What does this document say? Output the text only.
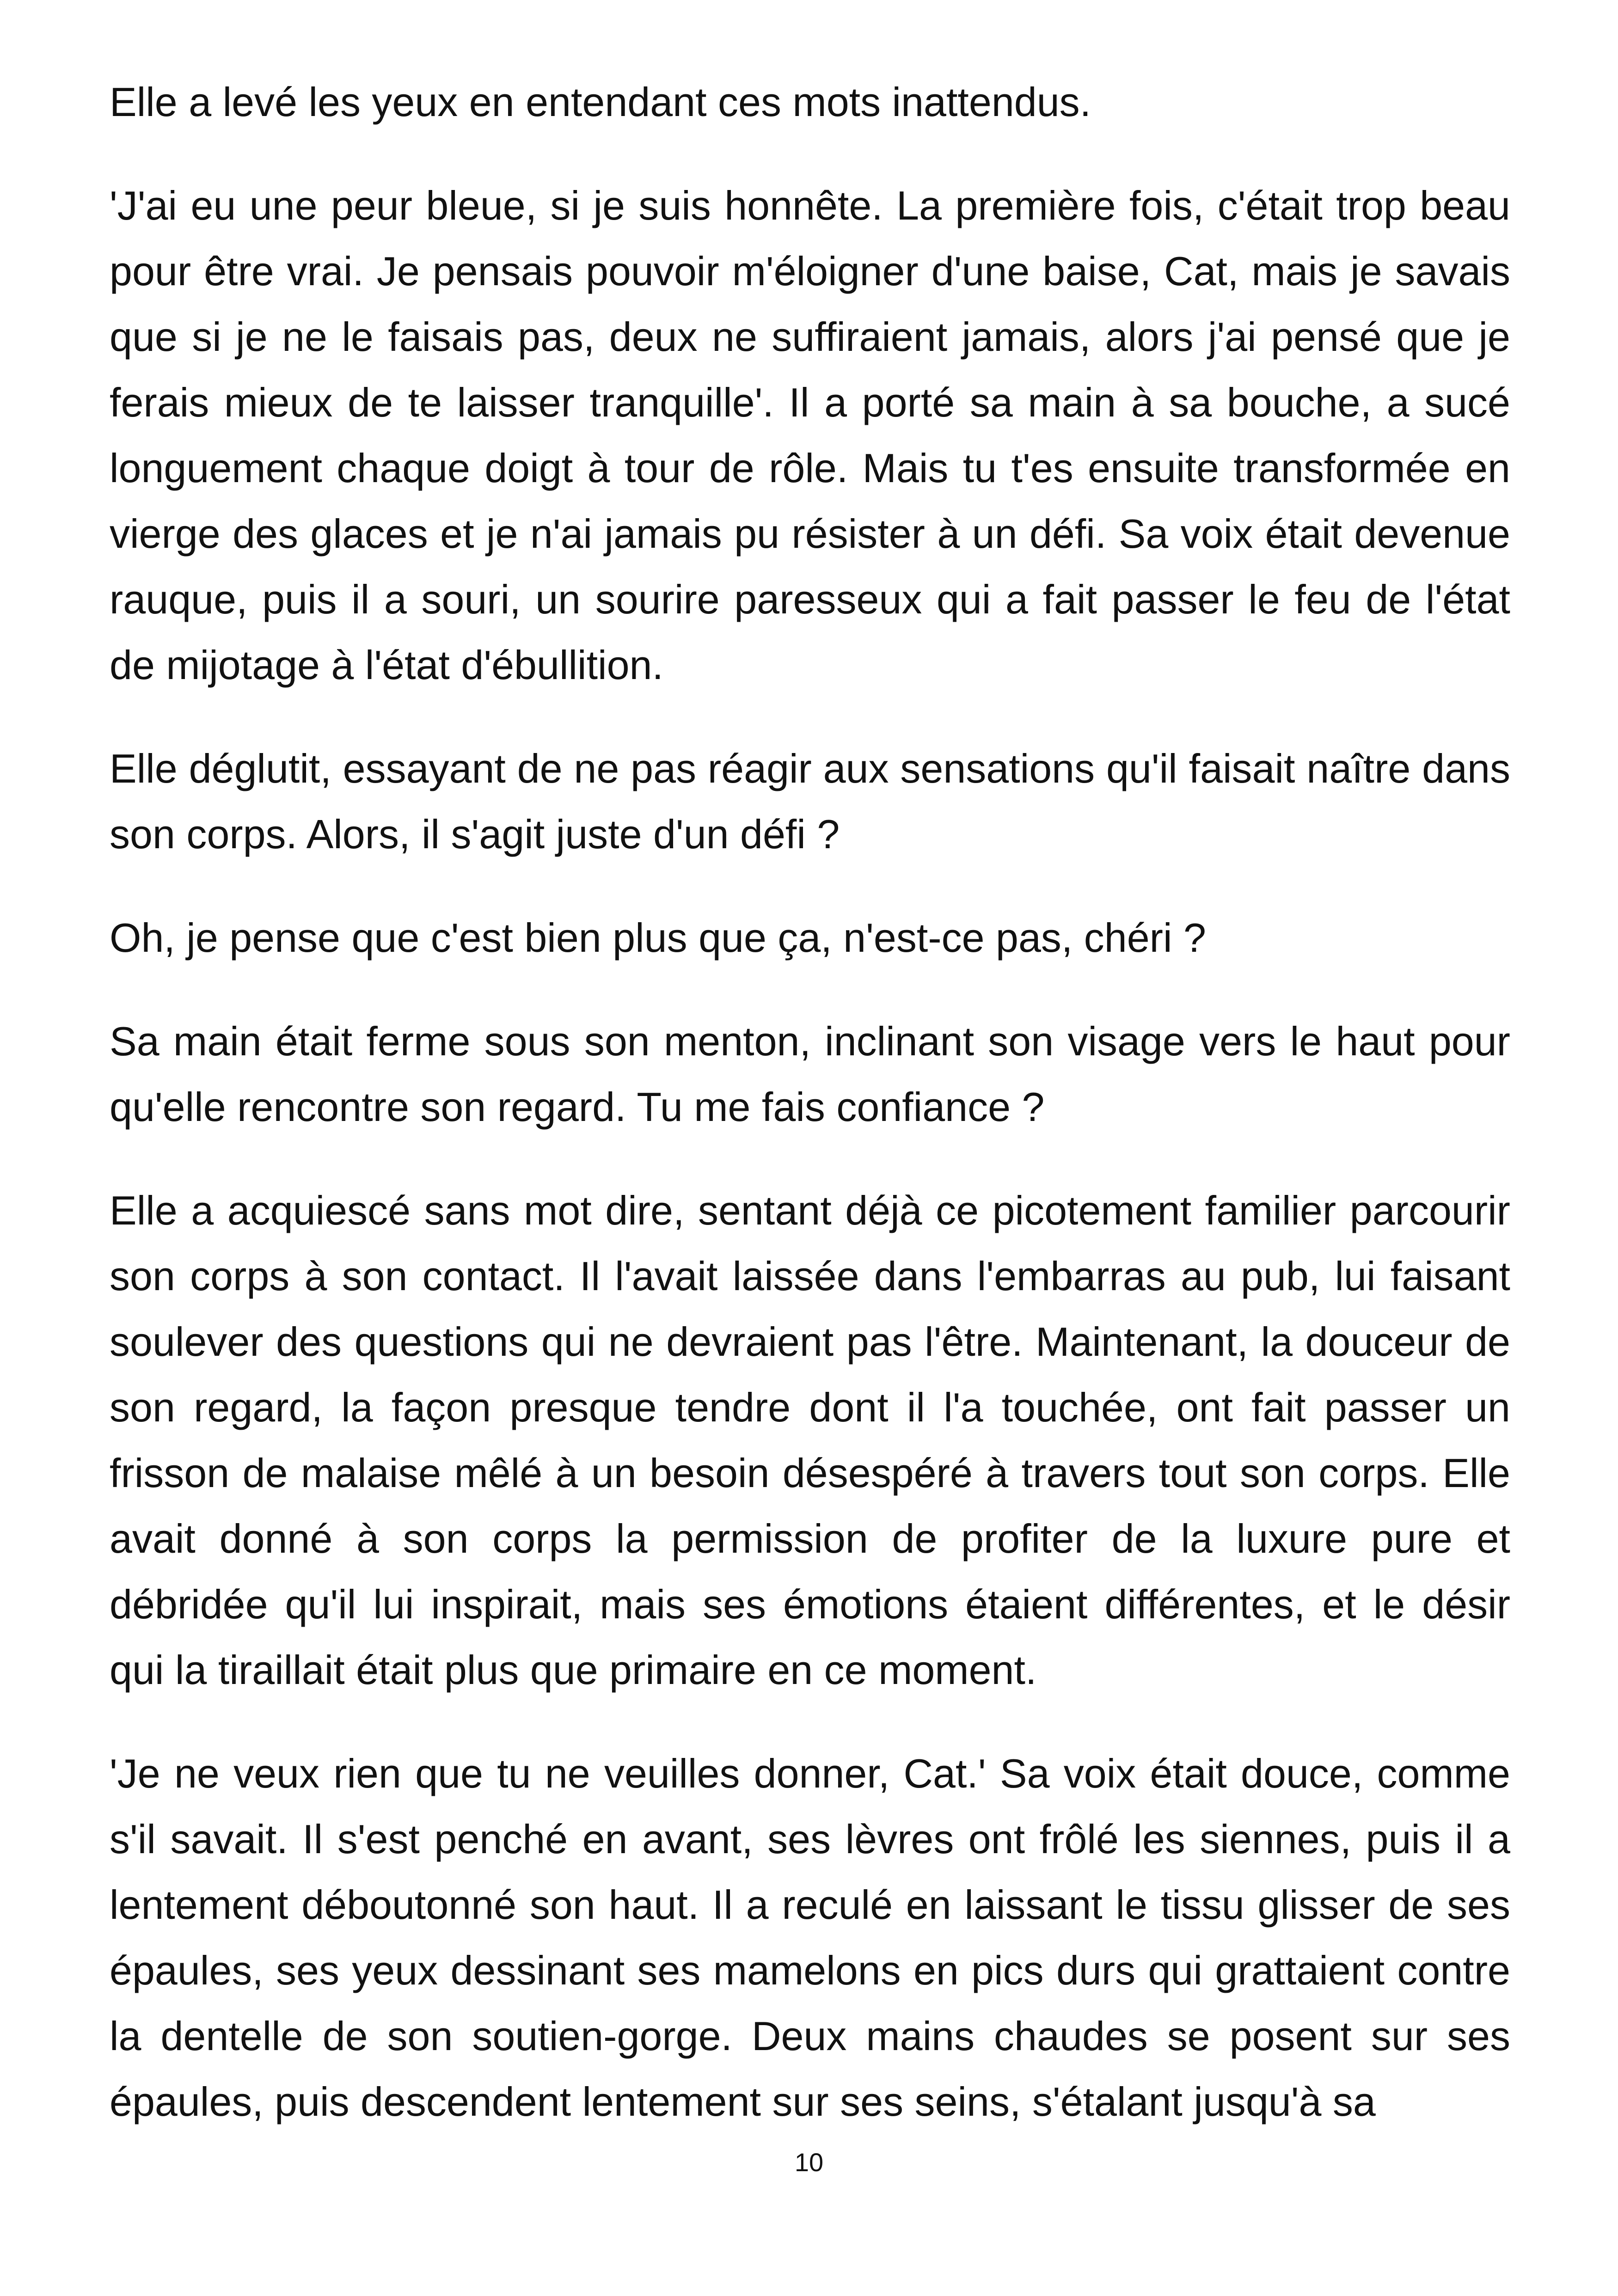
Elle a levé les yeux en entendant ces mots inattendus.

'J'ai eu une peur bleue, si je suis honnête. La première fois, c'était trop beau pour être vrai. Je pensais pouvoir m'éloigner d'une baise, Cat, mais je savais que si je ne le faisais pas, deux ne suffiraient jamais, alors j'ai pensé que je ferais mieux de te laisser tranquille'. Il a porté sa main à sa bouche, a sucé longuement chaque doigt à tour de rôle. Mais tu t'es ensuite transformée en vierge des glaces et je n'ai jamais pu résister à un défi. Sa voix était devenue rauque, puis il a souri, un sourire paresseux qui a fait passer le feu de l'état de mijotage à l'état d'ébullition.

Elle déglutit, essayant de ne pas réagir aux sensations qu'il faisait naître dans son corps. Alors, il s'agit juste d'un défi ?

Oh, je pense que c'est bien plus que ça, n'est-ce pas, chéri ?

Sa main était ferme sous son menton, inclinant son visage vers le haut pour qu'elle rencontre son regard. Tu me fais confiance ?

Elle a acquiescé sans mot dire, sentant déjà ce picotement familier parcourir son corps à son contact. Il l'avait laissée dans l'embarras au pub, lui faisant soulever des questions qui ne devraient pas l'être. Maintenant, la douceur de son regard, la façon presque tendre dont il l'a touchée, ont fait passer un frisson de malaise mêlé à un besoin désespéré à travers tout son corps. Elle avait donné à son corps la permission de profiter de la luxure pure et débridée qu'il lui inspirait, mais ses émotions étaient différentes, et le désir qui la tiraillait était plus que primaire en ce moment.

'Je ne veux rien que tu ne veuilles donner, Cat.' Sa voix était douce, comme s'il savait. Il s'est penché en avant, ses lèvres ont frôlé les siennes, puis il a lentement déboutonné son haut. Il a reculé en laissant le tissu glisser de ses épaules, ses yeux dessinant ses mamelons en pics durs qui grattaient contre la dentelle de son soutien-gorge. Deux mains chaudes se posent sur ses épaules, puis descendent lentement sur ses seins, s'étalant jusqu'à sa

10
